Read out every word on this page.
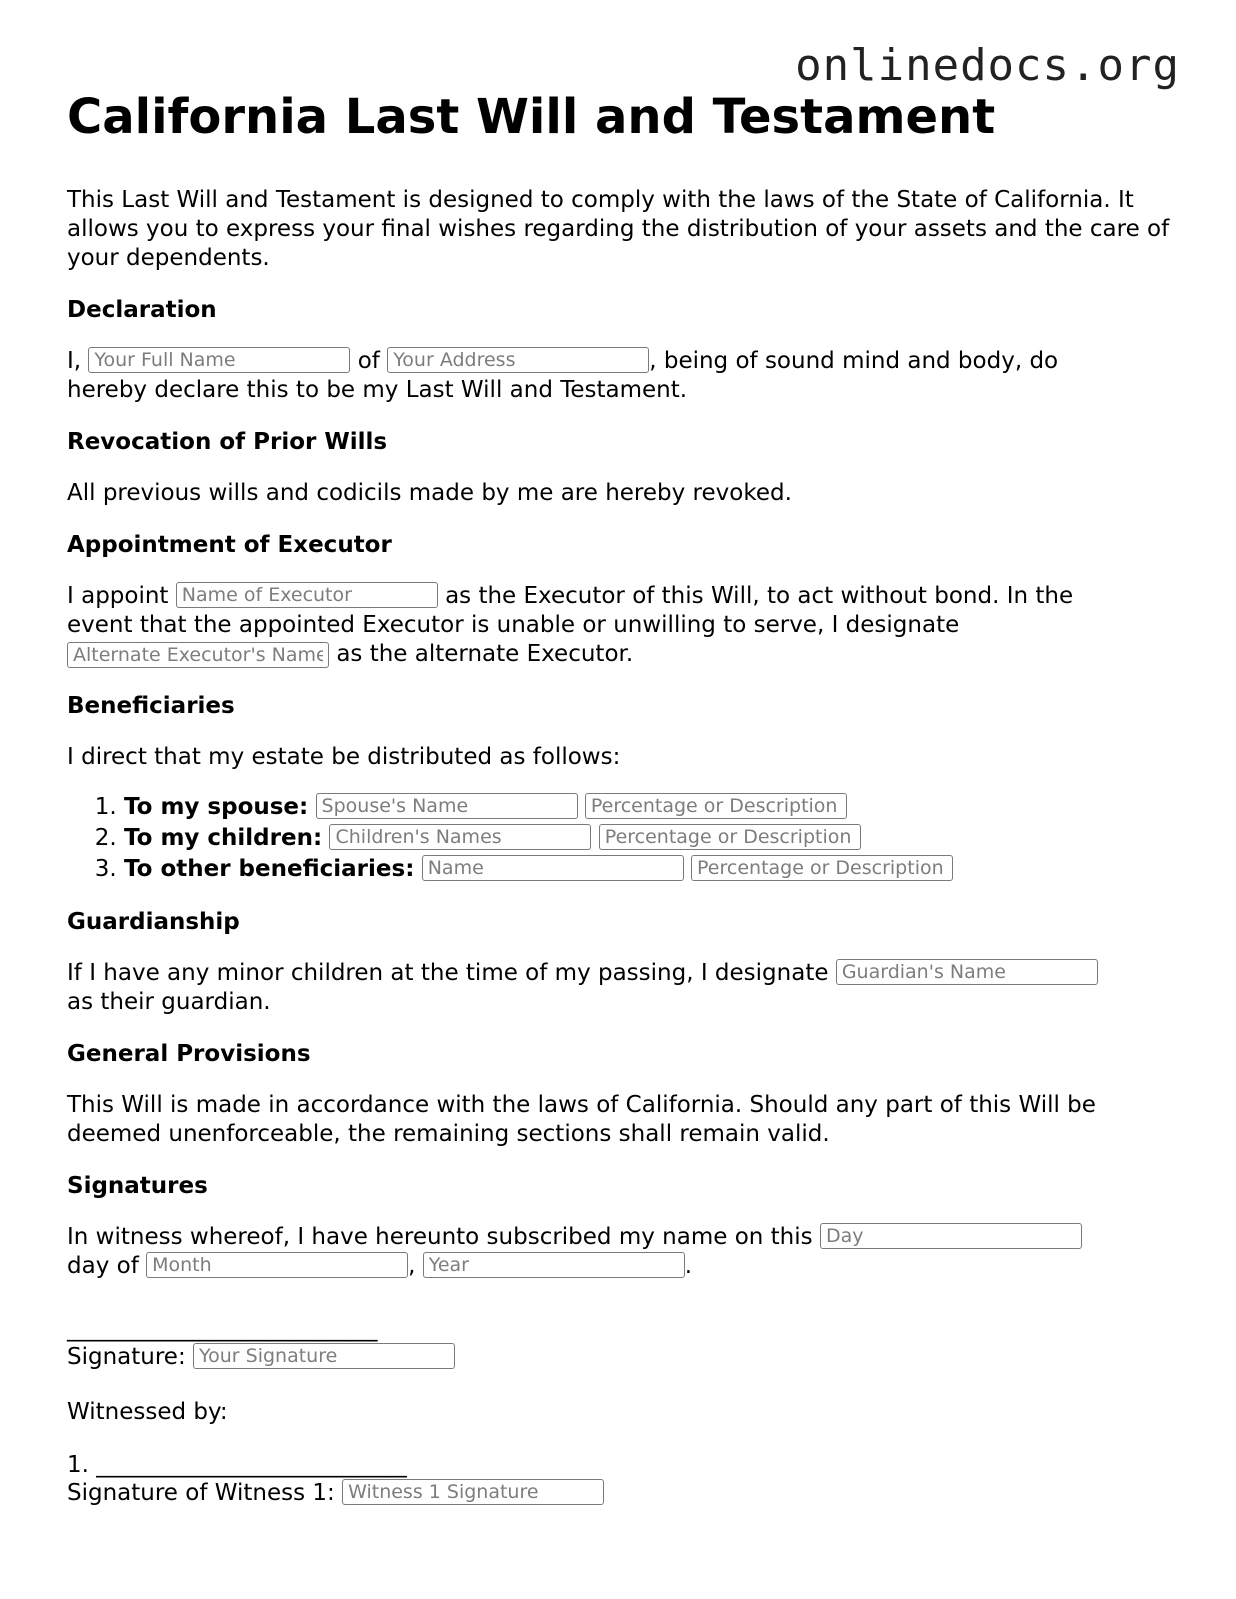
onlinedocs.org
California Last Will and Testament

This Last Will and Testament is designed to comply with the laws of the State of California. It allows you to express your final wishes regarding the distribution of your assets and the care of your dependents.

Declaration

I, Your Full Name	of Your Address	, being of sound mind and body, do
hereby declare this to be my Last Will and Testament.

Revocation of Prior Wills

All previous wills and codicils made by me are hereby revoked.

Appointment of Executor

I appoint Name of Executor	as the Executor of this Will, to act without bond. In the
event that the appointed Executor is unable or unwilling to serve, I designate
Alternate Executor's Name as the alternate Executor.

Beneficiaries

I direct that my estate be distributed as follows:

1. To my spouse: Spouse's Name Percentage or Description
2. To my children: Children's Names Percentage or Description
3. To other beneficiaries: Name Percentage or Description
Guardianship

If I have any minor children at the time of my passing, I designate Guardian's Name
as their guardian.

General Provisions

This Will is made in accordance with the laws of California. Should any part of this Will be deemed unenforceable, the remaining sections shall remain valid.

Signatures

In witness whereof, I have hereunto subscribed my name on this Day
day of Month	, Year	.

___________________________

Signature: Your Signature

Witnessed by:

1. ___________________________

Signature of Witness 1: Witness 1 Signature
